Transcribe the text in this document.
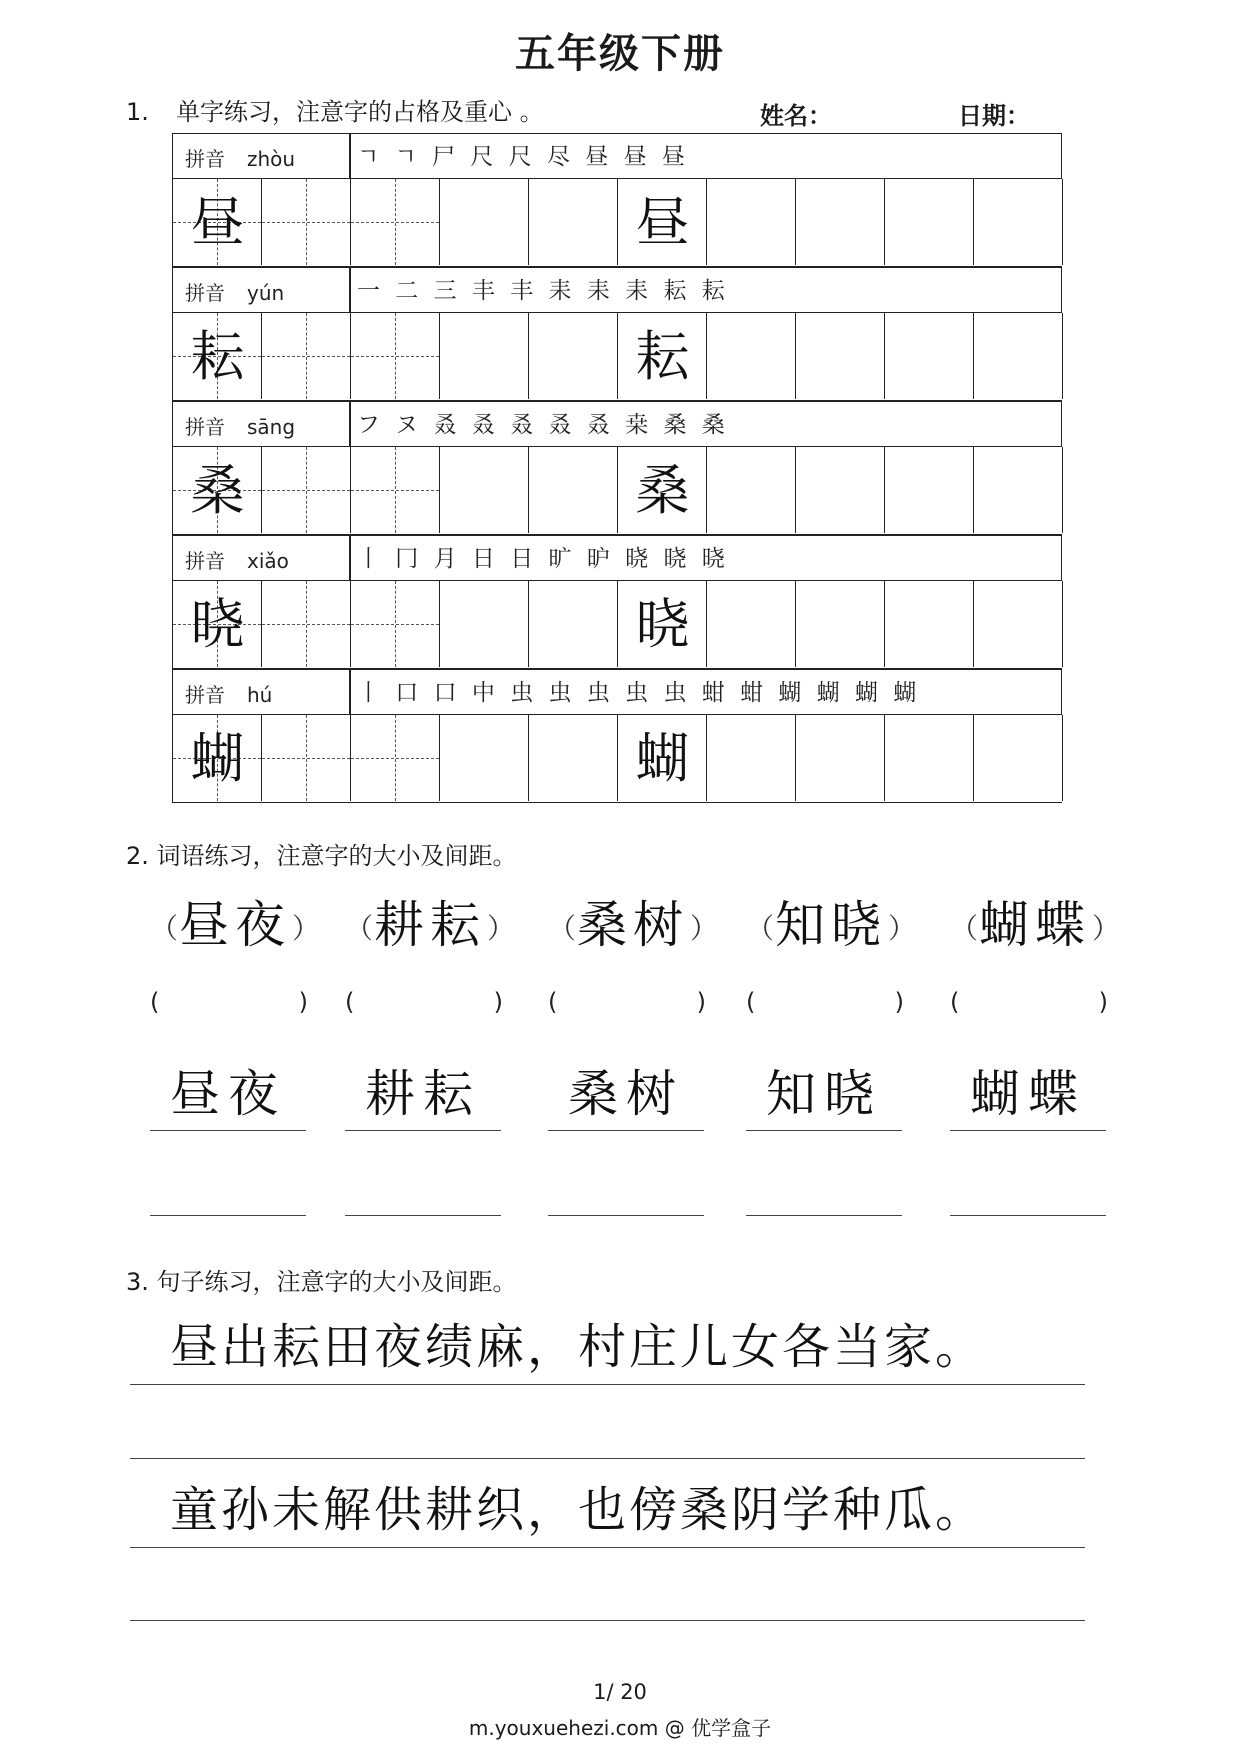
五年级下册
1. 单字练习，注意字的占格及重心 。	姓名：	日期：
拼音 zhòu	ㄱ ㄱ 尸 尺 尺 尽 昼 昼 昼
昼	昼
拼音 yún	一 二 三 丰 丰 耒 耒 耒 耘 耘
耘	耘
拼音 sāng	フ ヌ 叒 叒 叒 叒 叒 桒 桑 桑
桑	桑
拼音 xiǎo	丨 冂 月 日 日 旷 昈 晓 晓 晓
晓	晓
拼音 hú	丨 口 口 中 虫 虫 虫 虫 虫 蚶 蚶 蝴 蝴 蝴 蝴
蝴	蝴
2. 词语练习，注意字的大小及间距。
（ 昼夜 ）
(	)
昼夜
（ 耕耘 ）
(	)
耕耘
（ 桑树 ）
(	)
桑树
（ 知晓 ）
(	)
知晓
（ 蝴蝶 ）
(	)
蝴蝶
3. 句子练习，注意字的大小及间距。
昼出耘田夜绩麻，村庄儿女各当家。
童孙未解供耕织，也傍桑阴学种瓜。
1/ 20
m.youxuehezi.com @ 优学盒子
